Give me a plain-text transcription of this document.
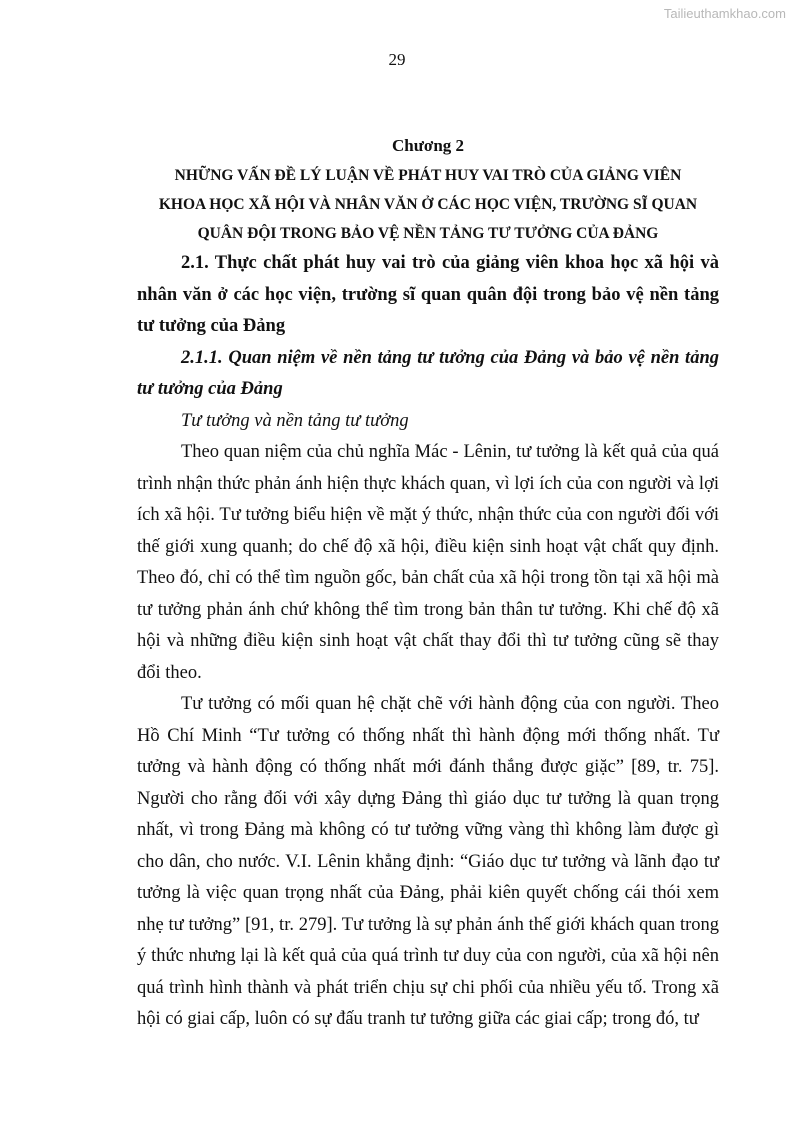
Tailieuthamkhao.com
29

Chương 2

NHỮNG VẤN ĐỀ LÝ LUẬN VỀ PHÁT HUY VAI TRÒ CỦA GIẢNG VIÊN

KHOA HỌC XÃ HỘI VÀ NHÂN VĂN Ở CÁC HỌC VIỆN, TRƯỜNG SĨ QUAN

QUÂN ĐỘI TRONG BẢO VỆ NỀN TẢNG TƯ TƯỞNG CỦA ĐẢNG

2.1. Thực chất phát huy vai trò của giảng viên khoa học xã hội và nhân văn ở các học viện, trường sĩ quan quân đội trong bảo vệ nền tảng tư tưởng của Đảng

2.1.1. Quan niệm về nền tảng tư tưởng của Đảng và bảo vệ nền tảng tư tưởng của Đảng

Tư tưởng và nền tảng tư tưởng

Theo quan niệm của chủ nghĩa Mác - Lênin, tư tưởng là kết quả của quá trình nhận thức phản ánh hiện thực khách quan, vì lợi ích của con người và lợi ích xã hội. Tư tưởng biểu hiện về mặt ý thức, nhận thức của con người đối với thế giới xung quanh; do chế độ xã hội, điều kiện sinh hoạt vật chất quy định. Theo đó, chỉ có thể tìm nguồn gốc, bản chất của xã hội trong tồn tại xã hội mà tư tưởng phản ánh chứ không thể tìm trong bản thân tư tưởng. Khi chế độ xã hội và những điều kiện sinh hoạt vật chất thay đổi thì tư tưởng cũng sẽ thay đổi theo.

Tư tưởng có mối quan hệ chặt chẽ với hành động của con người. Theo Hồ Chí Minh “Tư tưởng có thống nhất thì hành động mới thống nhất. Tư tưởng và hành động có thống nhất mới đánh thắng được giặc” [89, tr. 75]. Người cho rằng đối với xây dựng Đảng thì giáo dục tư tưởng là quan trọng nhất, vì trong Đảng mà không có tư tưởng vững vàng thì không làm được gì cho dân, cho nước. V.I. Lênin khẳng định: “Giáo dục tư tưởng và lãnh đạo tư tưởng là việc quan trọng nhất của Đảng, phải kiên quyết chống cái thói xem nhẹ tư tưởng” [91, tr. 279]. Tư tưởng là sự phản ánh thế giới khách quan trong ý thức nhưng lại là kết quả của quá trình tư duy của con người, của xã hội nên quá trình hình thành và phát triển chịu sự chi phối của nhiều yếu tố. Trong xã hội có giai cấp, luôn có sự đấu tranh tư tưởng giữa các giai cấp; trong đó, tư
